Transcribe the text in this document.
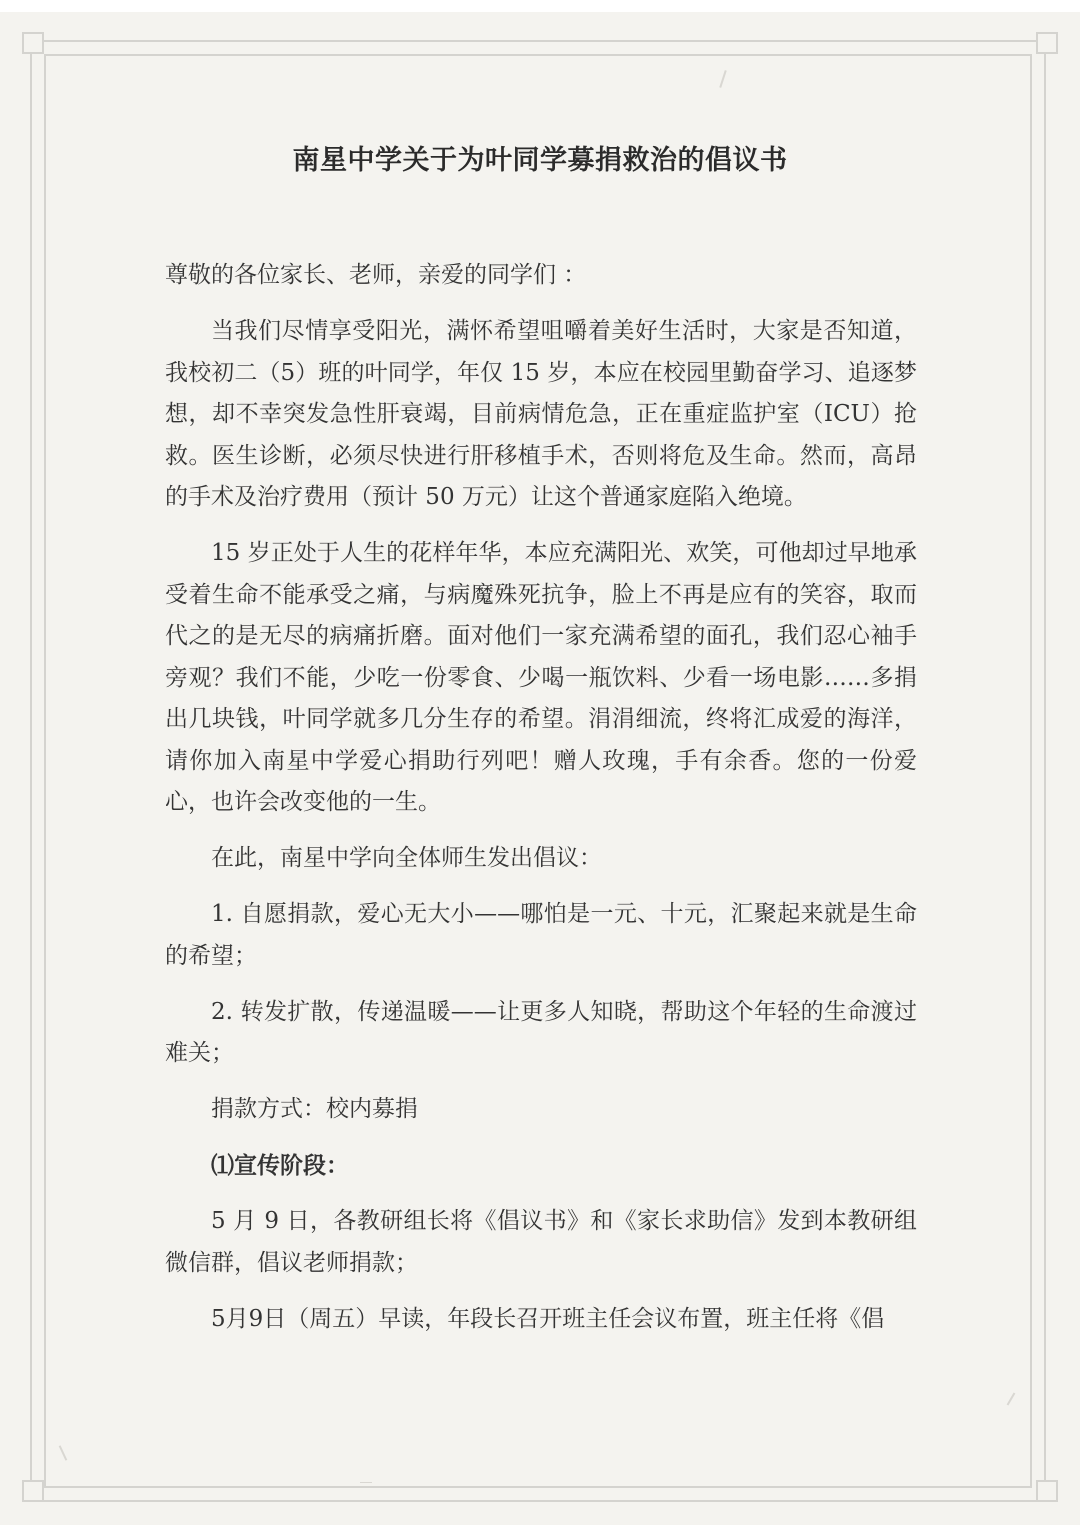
南星中学关于为叶同学募捐救治的倡议书

尊敬的各位家长、老师，亲爱的同学们 ：

当我们尽情享受阳光，满怀希望咀嚼着美好生活时，大家是否知道，我校初二（5）班的叶同学，年仅 15 岁，本应在校园里勤奋学习、追逐梦想，却不幸突发急性肝衰竭，目前病情危急，正在重症监护室（ICU）抢救。医生诊断，必须尽快进行肝移植手术，否则将危及生命。然而，高昂的手术及治疗费用（预计 50 万元）让这个普通家庭陷入绝境。

15 岁正处于人生的花样年华，本应充满阳光、欢笑，可他却过早地承受着生命不能承受之痛，与病魔殊死抗争，脸上不再是应有的笑容，取而代之的是无尽的病痛折磨。面对他们一家充满希望的面孔，我们忍心袖手旁观？我们不能，少吃一份零食、少喝一瓶饮料、少看一场电影……多捐出几块钱，叶同学就多几分生存的希望。涓涓细流，终将汇成爱的海洋，请你加入南星中学爱心捐助行列吧！赠人玫瑰，手有余香。您的一份爱心，也许会改变他的一生。

在此，南星中学向全体师生发出倡议：

1. 自愿捐款，爱心无大小——哪怕是一元、十元，汇聚起来就是生命的希望；

2. 转发扩散，传递温暖——让更多人知晓，帮助这个年轻的生命渡过难关；

捐款方式：校内募捐

⑴宣传阶段：

5 月 9 日，各教研组长将《倡议书》和《家长求助信》发到本教研组微信群，倡议老师捐款；

5月9日（周五）早读，年段长召开班主任会议布置，班主任将《倡
